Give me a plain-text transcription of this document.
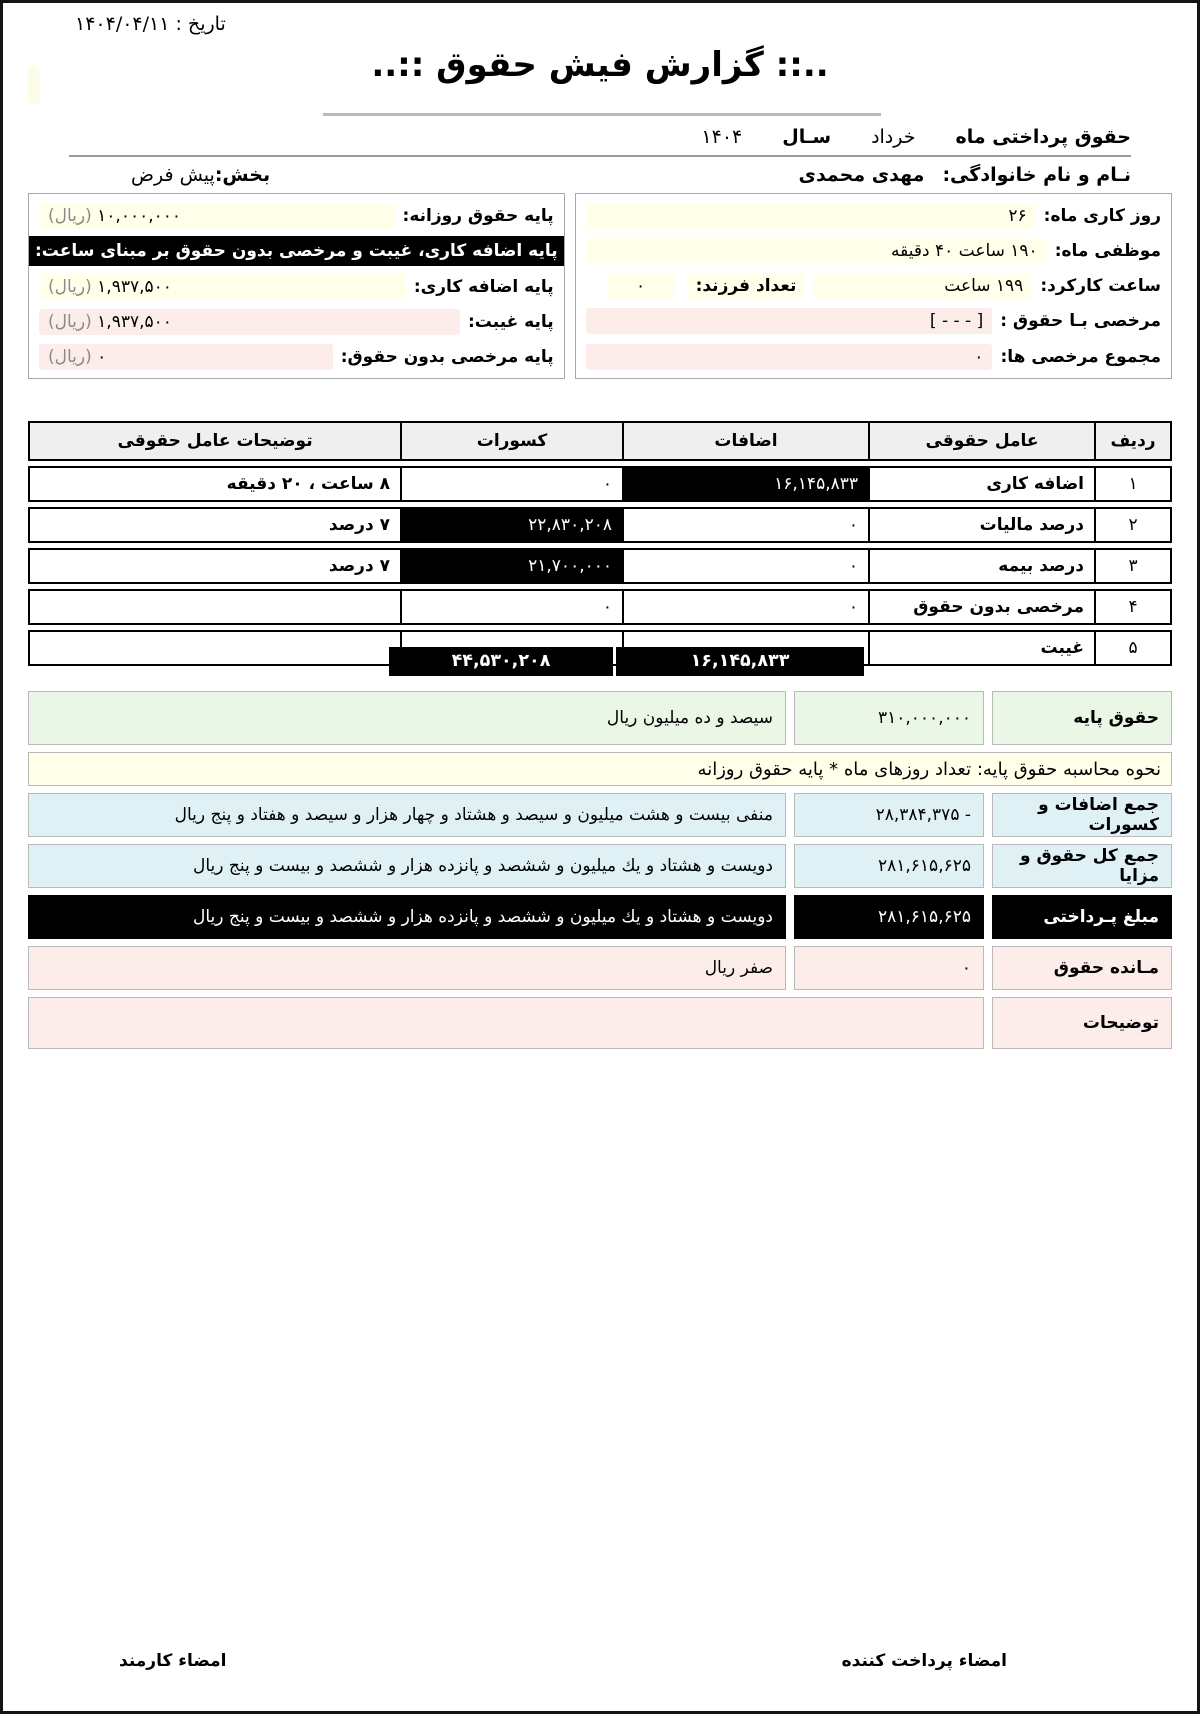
تاریخ : ۱۴۰۴/۰۴/۱۱
..:: گزارش فیش حقوق ::..
حقوق پرداختی ماه
خرداد
سـال
۱۴۰۴
نـام و نام خانوادگی:
مهدی محمدی
بخش:پیش فرض
روز کاری ماه:
۲۶
موظفی ماه:
۱۹۰ ساعت ۴۰ دقیقه
ساعت کارکرد:
۱۹۹ ساعت
تعداد فرزند:
۰
مرخصی بـا حقوق :
[ - - - ]
مجموع مرخصی ها:
۰
پایه حقوق روزانه:
۱۰,۰۰۰,۰۰۰ (ریال)
پایه اضافه کاری، غیبت و مرخصی بدون حقوق بر مبنای ساعت:
پایه اضافه کاری:
۱,۹۳۷,۵۰۰ (ریال)
پایه غیبت:
۱,۹۳۷,۵۰۰ (ریال)
پایه مرخصی بدون حقوق:
۰ (ریال)
ردیف
عامل حقوقی
اضافات
کسورات
توضیحات عامل حقوقی
۱
اضافه کاری
۱۶,۱۴۵,۸۳۳
۰
۸ ساعت ، ۲۰ دقیقه
۲
درصد مالیات
۰
۲۲,۸۳۰,۲۰۸
۷ درصد
۳
درصد بیمه
۰
۲۱,۷۰۰,۰۰۰
۷ درصد
۴
مرخصی بدون حقوق
۰
۰
۵
غیبت
۱۶,۱۴۵,۸۳۳
۴۴,۵۳۰,۲۰۸
حقوق پایه
۳۱۰,۰۰۰,۰۰۰
سیصد و ده میلیون ریال
نحوه محاسبه حقوق پایه: تعداد روزهای ماه * پایه حقوق روزانه
جمع اضافات و کسورات
۲۸,۳۸۴,۳۷۵ -
منفی بیست و هشت میلیون و سیصد و هشتاد و چهار هزار و سیصد و هفتاد و پنج ریال
جمع کل حقوق و مزایا
۲۸۱,۶۱۵,۶۲۵
دویست و هشتاد و یك میلیون و ششصد و پانزده هزار و ششصد و بیست و پنج ریال
مبلغ پـرداختی
۲۸۱,۶۱۵,۶۲۵
دویست و هشتاد و یك میلیون و ششصد و پانزده هزار و ششصد و بیست و پنج ریال
مـانده حقوق
۰
صفر ریال
توضیحات
امضاء پرداخت کننده
امضاء کارمند
